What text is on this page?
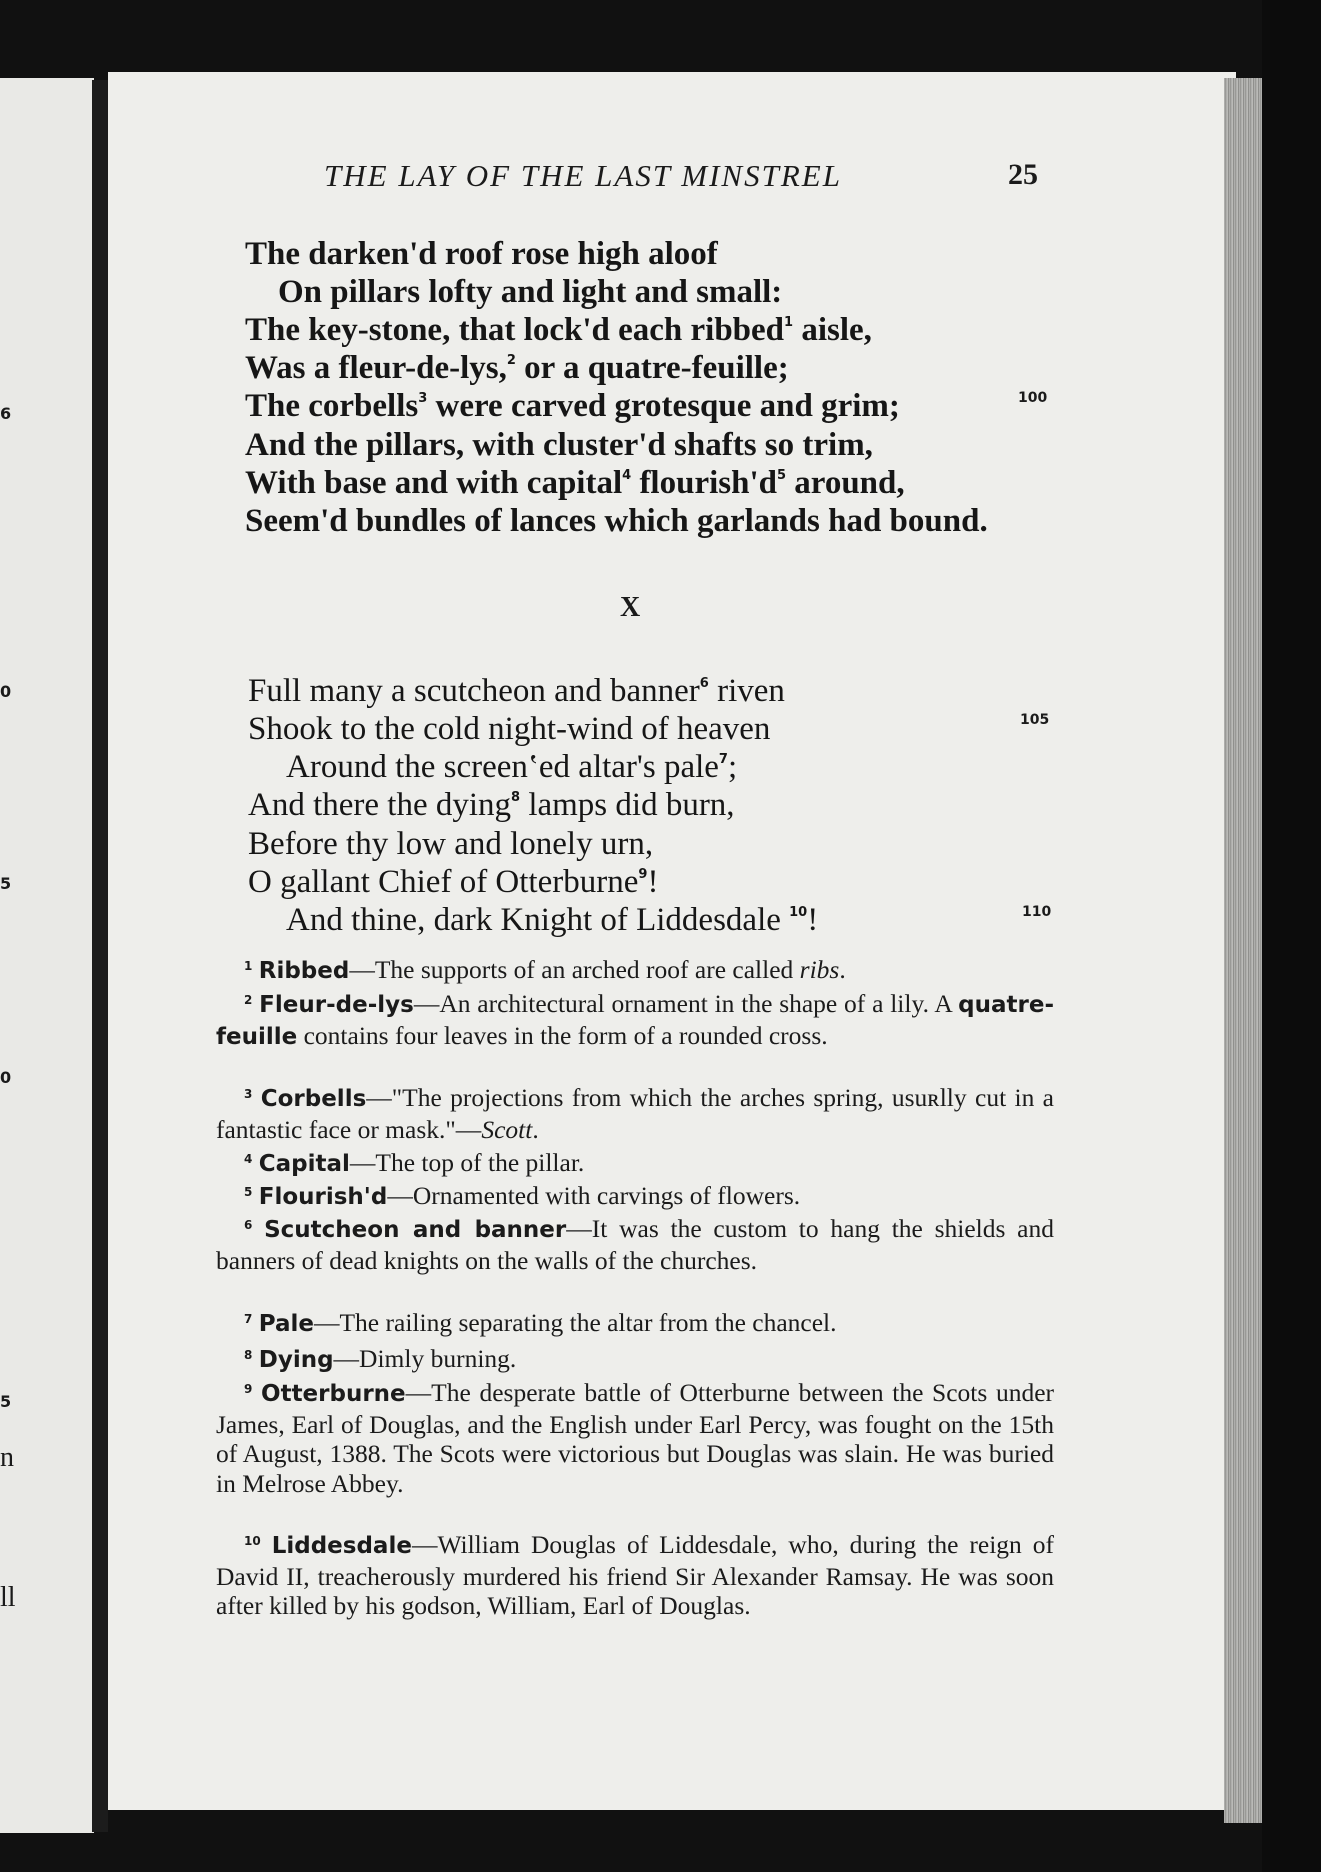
6
0
5
0
5
n
ll
THE LAY OF THE LAST MINSTREL	25
The darken'd roof rose high aloof
On pillars lofty and light and small:
The key-stone, that lock'd each ribbed$^1$ aisle,
Was a fleur-de-lys,$^2$ or a quatre-feuille;
The corbells$^3$ were carved grotesque and grim;	100
And the pillars, with cluster'd shafts so trim,
With base and with capital$^4$ $flourish'd^5$ around,
Seem'd bundles of lances which garlands had bound.
X
Full many a scutcheon and banner$^6$ riven
Shook to the cold night-wind of heaven	105
Around the screenʽed altar's pale$^7$;
And there the dying$^8$ lamps did burn,
Before thy low and lonely urn,
O gallant Chief of Otterburne$^9$!
And thine, dark Knight of Liddesdale $^{10}$!	110
$^1$ Ribbed—The supports of an arched roof are called ribs.
$^2$ Fleur-de-lys—An architectural ornament in the shape of a lily. A quatre-feuille contains four leaves in the form of a rounded cross.
$^3$ Corbells—"The projections from which the arches spring, usuʀlly cut in a fantastic face or mask."—Scott.
$^4$ Capital—The top of the pillar.
$^5$ Flourish'd—Ornamented with carvings of flowers.
$^6$ Scutcheon and banner—It was the custom to hang the shields and banners of dead knights on the walls of the churches.
$^7$ Pale—The railing separating the altar from the chancel.
$^8$ Dying—Dimly burning.
$^9$ Otterburne—The desperate battle of Otterburne between the Scots under James, Earl of Douglas, and the English under Earl Percy, was fought on the 15th of August, 1388. The Scots were victorious but Douglas was slain. He was buried in Melrose Abbey.
$^{10}$ Liddesdale—William Douglas of Liddesdale, who, during the reign of David II, treacherously murdered his friend Sir Alexander Ramsay. He was soon after killed by his godson, William, Earl of Douglas.
